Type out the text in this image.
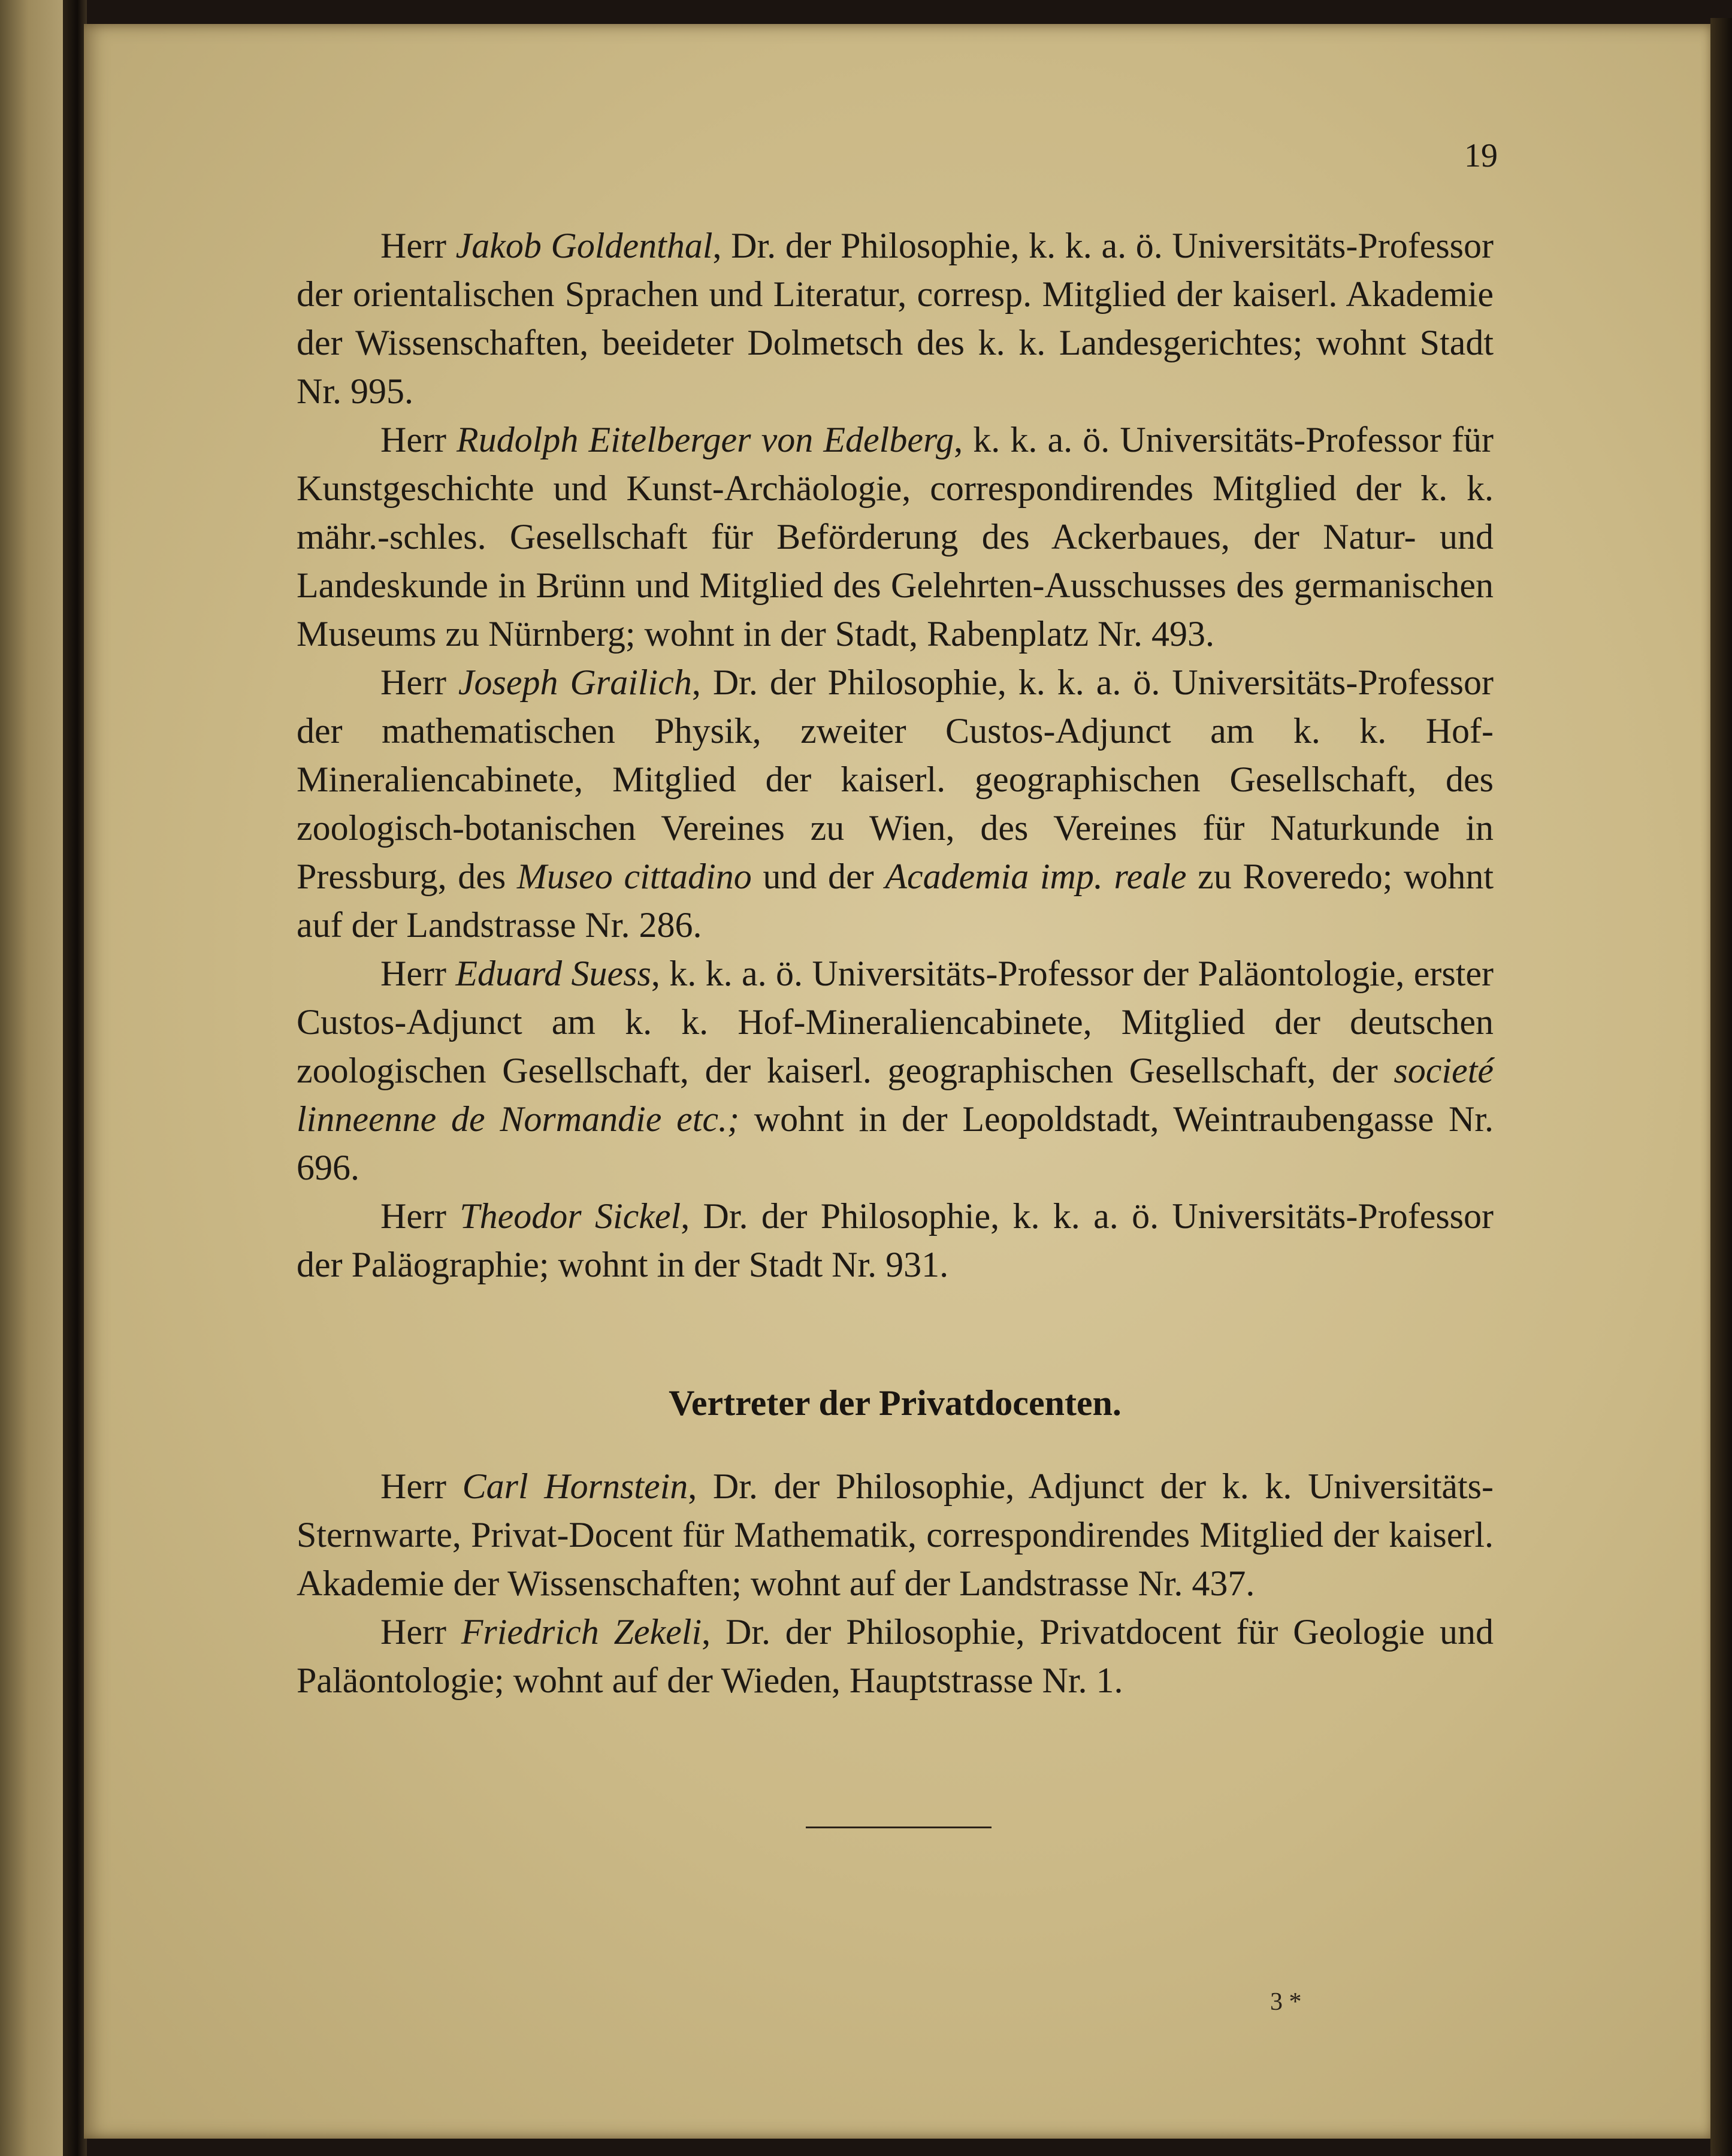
19

Herr Jakob Goldenthal, Dr. der Philosophie, k. k. a. ö. Universitäts-Professor der orientalischen Sprachen und Literatur, corresp. Mitglied der kaiserl. Akademie der Wissenschaften, beeideter Dolmetsch des k. k. Landesgerichtes; wohnt Stadt Nr. 995.

Herr Rudolph Eitelberger von Edelberg, k. k. a. ö. Universitäts-Professor für Kunstgeschichte und Kunst-Archäologie, correspondirendes Mitglied der k. k. mähr.-schles. Gesellschaft für Beförderung des Ackerbaues, der Natur- und Landeskunde in Brünn und Mitglied des Gelehrten-Ausschusses des germanischen Museums zu Nürnberg; wohnt in der Stadt, Rabenplatz Nr. 493.

Herr Joseph Grailich, Dr. der Philosophie, k. k. a. ö. Universitäts-Professor der mathematischen Physik, zweiter Custos-Adjunct am k. k. Hof-Mineraliencabinete, Mitglied der kaiserl. geographischen Gesellschaft, des zoologisch-botanischen Vereines zu Wien, des Vereines für Naturkunde in Pressburg, des Museo cittadino und der Academia imp. reale zu Roveredo; wohnt auf der Landstrasse Nr. 286.

Herr Eduard Suess, k. k. a. ö. Universitäts-Professor der Paläontologie, erster Custos-Adjunct am k. k. Hof-Mineraliencabinete, Mitglied der deutschen zoologischen Gesellschaft, der kaiserl. geographischen Gesellschaft, der societé linneenne de Normandie etc.; wohnt in der Leopoldstadt, Weintraubengasse Nr. 696.

Herr Theodor Sickel, Dr. der Philosophie, k. k. a. ö. Universitäts-Professor der Paläographie; wohnt in der Stadt Nr. 931.

Vertreter der Privatdocenten.

Herr Carl Hornstein, Dr. der Philosophie, Adjunct der k. k. Universitäts-Sternwarte, Privat-Docent für Mathematik, correspondirendes Mitglied der kaiserl. Akademie der Wissenschaften; wohnt auf der Landstrasse Nr. 437.

Herr Friedrich Zekeli, Dr. der Philosophie, Privatdocent für Geologie und Paläontologie; wohnt auf der Wieden, Hauptstrasse Nr. 1.

3 *
